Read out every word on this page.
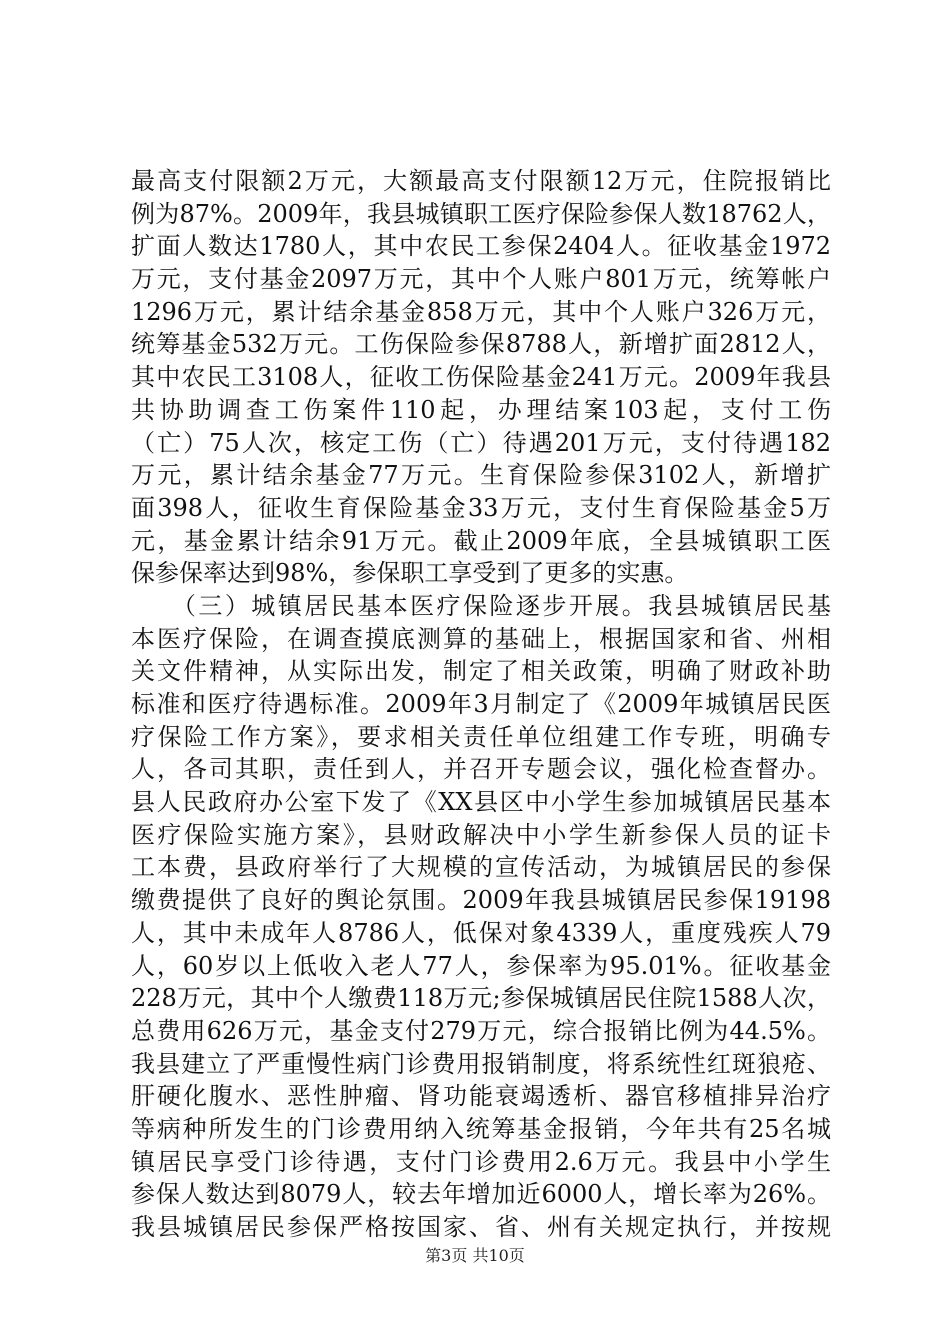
最高支付限额2万元，大额最高支付限额12万元，住院报销比
例为87%。2009年，我县城镇职工医疗保险参保人数18762人，
扩面人数达1780人，其中农民工参保2404人。征收基金1972
万元，支付基金2097万元，其中个人账户801万元，统筹帐户
1296万元，累计结余基金858万元，其中个人账户326万元，
统筹基金532万元。工伤保险参保8788人，新增扩面2812人，
其中农民工3108人，征收工伤保险基金241万元。2009年我县
共协助调查工伤案件110起，办理结案103起，支付工伤
（亡）75人次，核定工伤（亡）待遇201万元，支付待遇182
万元，累计结余基金77万元。生育保险参保3102人，新增扩
面398人，征收生育保险基金33万元，支付生育保险基金5万
元，基金累计结余91万元。截止2009年底，全县城镇职工医
保参保率达到98%，参保职工享受到了更多的实惠。
　　（三）城镇居民基本医疗保险逐步开展。我县城镇居民基
本医疗保险，在调查摸底测算的基础上，根据国家和省、州相
关文件精神，从实际出发，制定了相关政策，明确了财政补助
标准和医疗待遇标准。2009年3月制定了《2009年城镇居民医
疗保险工作方案》，要求相关责任单位组建工作专班，明确专
人，各司其职，责任到人，并召开专题会议，强化检查督办。
县人民政府办公室下发了《XX县区中小学生参加城镇居民基本
医疗保险实施方案》，县财政解决中小学生新参保人员的证卡
工本费，县政府举行了大规模的宣传活动，为城镇居民的参保
缴费提供了良好的舆论氛围。2009年我县城镇居民参保19198
人，其中未成年人8786人，低保对象4339人，重度残疾人79
人，60岁以上低收入老人77人，参保率为95.01%。征收基金
228万元，其中个人缴费118万元;参保城镇居民住院1588人次，
总费用626万元，基金支付279万元，综合报销比例为44.5%。
我县建立了严重慢性病门诊费用报销制度，将系统性红斑狼疮、
肝硬化腹水、恶性肿瘤、肾功能衰竭透析、器官移植排异治疗
等病种所发生的门诊费用纳入统筹基金报销，今年共有25名城
镇居民享受门诊待遇，支付门诊费用2.6万元。我县中小学生
参保人数达到8079人，较去年增加近6000人，增长率为26%。
我县城镇居民参保严格按国家、省、州有关规定执行，并按规
第3页 共10页
